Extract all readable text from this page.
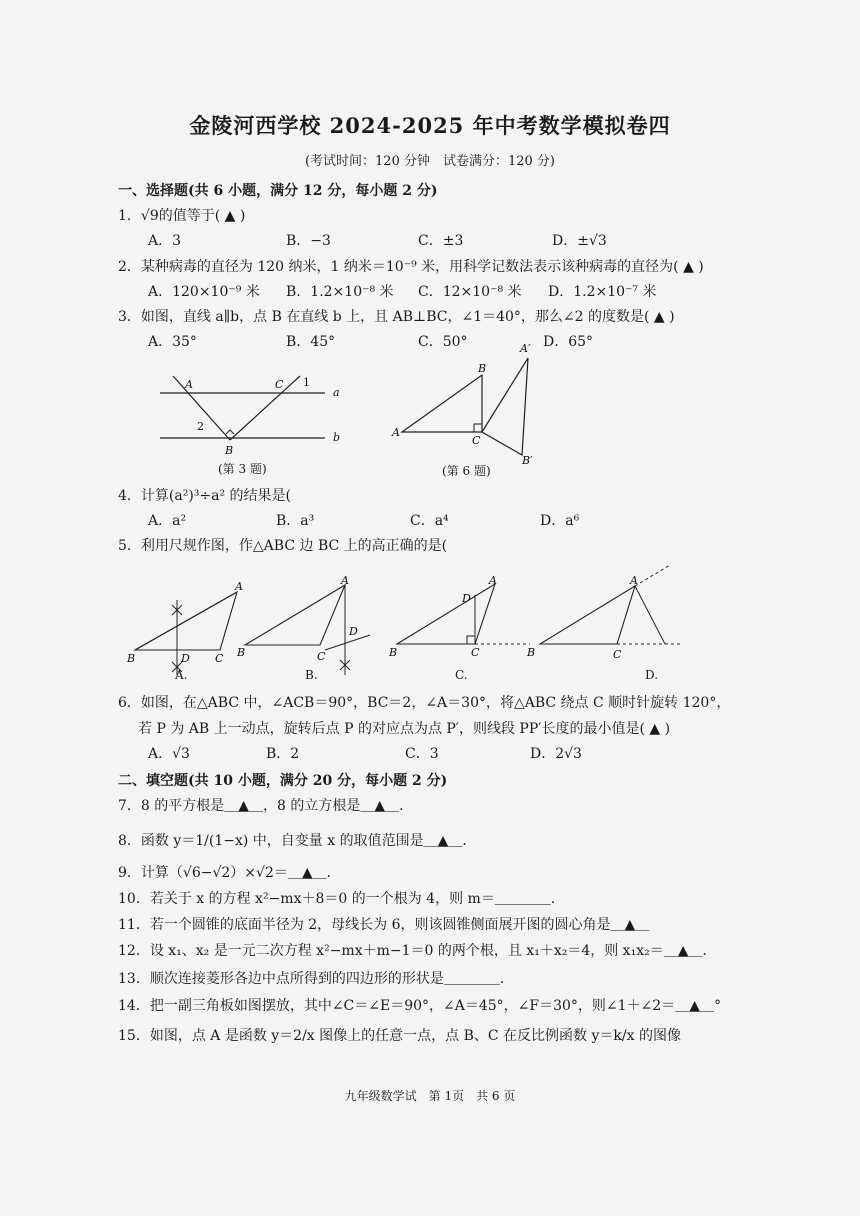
金陵河西学校 2024-2025 年中考数学模拟卷四
(考试时间：120 分钟　试卷满分：120 分)
一、选择题(共 6 小题，满分 12 分，每小题 2 分)
1．√9的值等于( ▲ )
A．3	B．−3	C．±3	D．±√3
2．某种病毒的直径为 120 纳米，1 纳米＝10⁻⁹ 米，用科学记数法表示该种病毒的直径为( ▲ )
A．120×10⁻⁹ 米 B．1.2×10⁻⁸ 米 C．12×10⁻⁸ 米 D．1.2×10⁻⁷ 米
3．如图，直线 a∥b，点 B 在直线 b 上，且 AB⊥BC，∠1＝40°，那么∠2 的度数是( ▲ )
A．35°	B．45°	C．50°	D．65°
A	C 1
2
B
a
b
(第 3 题)
B
A
C
A′
B′
(第 6 题)
4．计算(a²)³÷a² 的结果是(
A．a²	B．a³	C．a⁴	D．a⁶
5．利用尺规作图，作△ABC 边 BC 上的高正确的是(
A
B	C
D
A
B	C
D
A
B	C
D
A
B	C
A.	B.	C.	D.
6．如图，在△ABC 中，∠ACB＝90°，BC＝2，∠A＝30°，将△ABC 绕点 C 顺时针旋转 120°，
若 P 为 AB 上一动点，旋转后点 P 的对应点为点 P′，则线段 PP′长度的最小值是( ▲ )
A．√3	B．2	C．3	D．2√3
二、填空题(共 10 小题，满分 20 分，每小题 2 分)
7．8 的平方根是＿▲＿，8 的立方根是＿▲＿．
8．函数 y＝1/(1−x) 中，自变量 x 的取值范围是＿▲＿．
9．计算（√6−√2）×√2＝＿▲＿．
10．若关于 x 的方程 x²−mx＋8＝0 的一个根为 4，则 m＝＿＿＿＿．
11．若一个圆锥的底面半径为 2，母线长为 6，则该圆锥侧面展开图的圆心角是＿▲＿
12．设 x₁、x₂ 是一元二次方程 x²−mx＋m−1＝0 的两个根，且 x₁＋x₂＝4，则 x₁x₂＝＿▲＿．
13．顺次连接菱形各边中点所得到的四边形的形状是＿＿＿＿．
14．把一副三角板如图摆放，其中∠C＝∠E＝90°，∠A＝45°，∠F＝30°，则∠1＋∠2＝＿▲＿°
15．如图，点 A 是函数 y＝2/x 图像上的任意一点，点 B、C 在反比例函数 y＝k/x 的图像
九年级数学试　第 1页　共 6 页
